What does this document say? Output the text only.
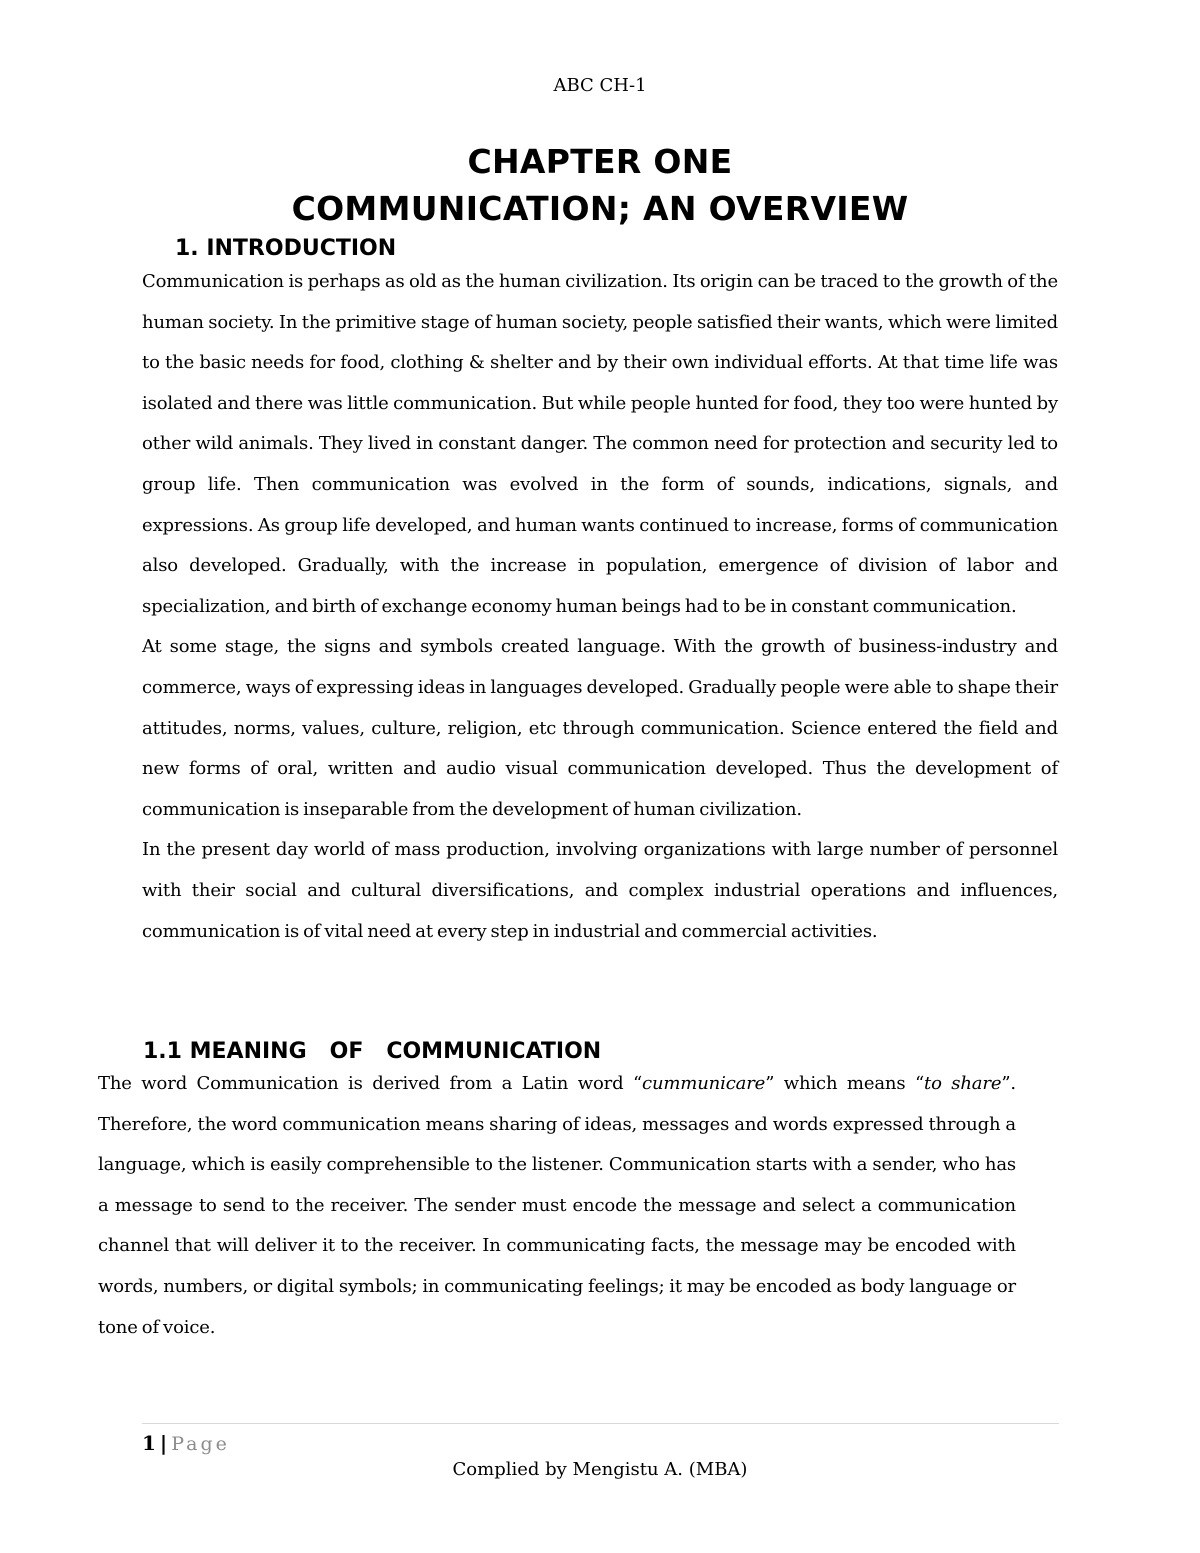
ABC CH-1
CHAPTER ONE
COMMUNICATION; AN OVERVIEW
1. INTRODUCTION

Communication is perhaps as old as the human civilization. Its origin can be traced to the growth of the human society. In the primitive stage of human society, people satisfied their wants, which were limited to the basic needs for food, clothing & shelter and by their own individual efforts. At that time life was isolated and there was little communication. But while people hunted for food, they too were hunted by other wild animals. They lived in constant danger. The common need for protection and security led to group life. Then communication was evolved in the form of sounds, indications, signals, and expressions. As group life developed, and human wants continued to increase, forms of communication also developed. Gradually, with the increase in population, emergence of division of labor and specialization, and birth of exchange economy human beings had to be in constant communication.

At some stage, the signs and symbols created language. With the growth of business-industry and commerce, ways of expressing ideas in languages developed. Gradually people were able to shape their attitudes, norms, values, culture, religion, etc through communication. Science entered the field and new forms of oral, written and audio visual communication developed. Thus the development of communication is inseparable from the development of human civilization.

In the present day world of mass production, involving organizations with large number of personnel with their social and cultural diversifications, and complex industrial operations and influences, communication is of vital need at every step in industrial and commercial activities.

1.1 MEANING   OF   COMMUNICATION

The word Communication is derived from a Latin word “cummunicare” which means “to share”. Therefore, the word communication means sharing of ideas, messages and words expressed through a language, which is easily comprehensible to the listener. Communication starts with a sender, who has a message to send to the receiver. The sender must encode the message and select a communication channel that will deliver it to the receiver. In communicating facts, the message may be encoded with words, numbers, or digital symbols; in communicating feelings; it may be encoded as body language or tone of voice.

1 | Page
Complied by Mengistu A. (MBA)
